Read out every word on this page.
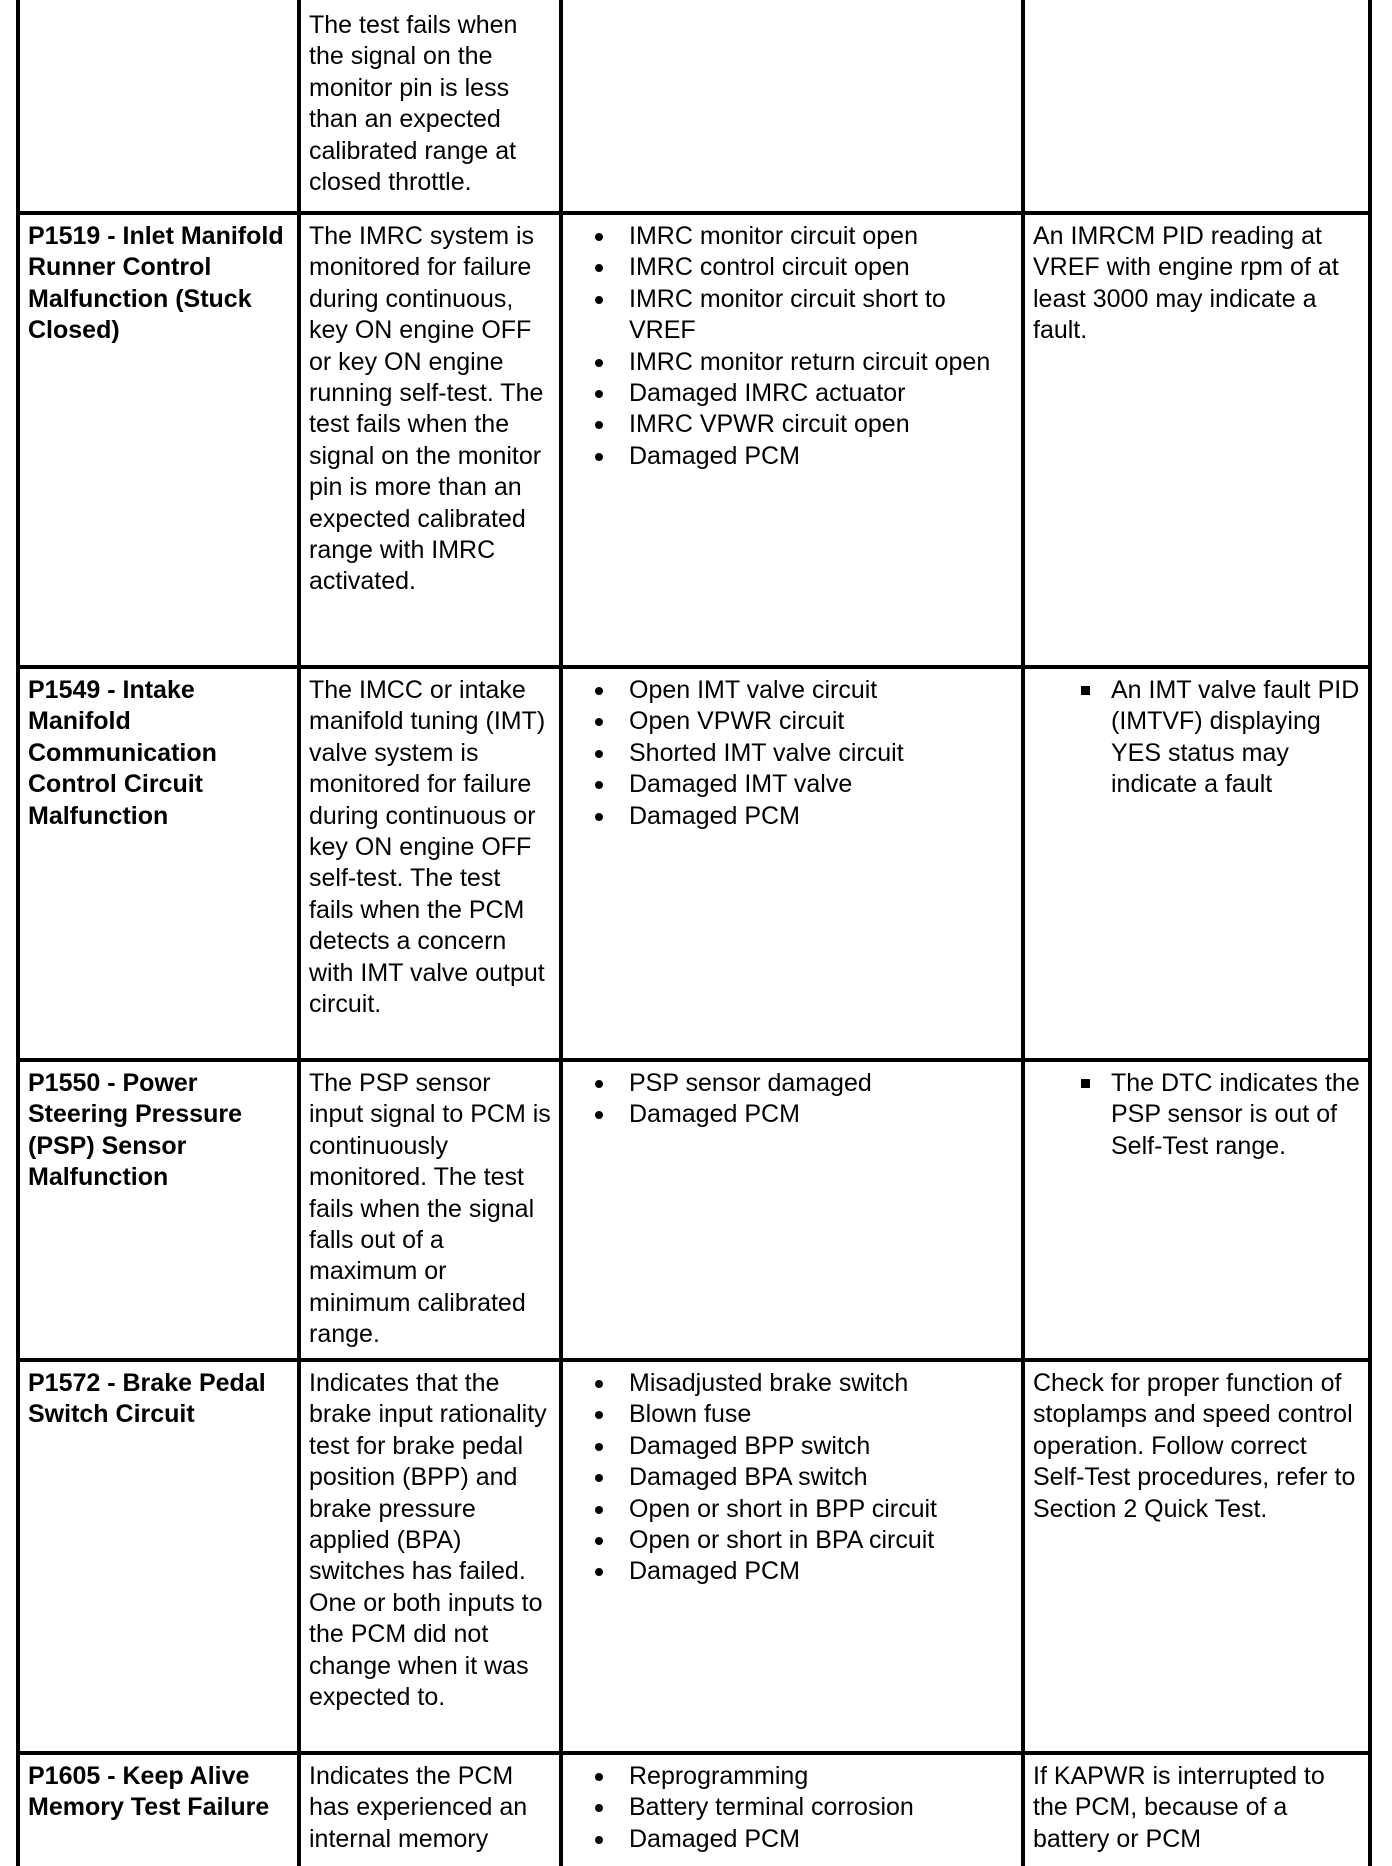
The test fails when the signal on the monitor pin is less than an expected calibrated range at closed throttle.
P1519 - Inlet Manifold Runner Control Malfunction (Stuck Closed)
The IMRC system is monitored for failure during continuous, key ON engine OFF or key ON engine running self-test. The test fails when the signal on the monitor pin is more than an expected calibrated range with IMRC activated.
IMRC monitor circuit open
IMRC control circuit open
IMRC monitor circuit short to VREF
IMRC monitor return circuit open
Damaged IMRC actuator
IMRC VPWR circuit open
Damaged PCM
An IMRCM PID reading at VREF with engine rpm of at least 3000 may indicate a fault.
P1549 - Intake Manifold Communication Control Circuit Malfunction
The IMCC or intake manifold tuning (IMT) valve system is monitored for failure during continuous or key ON engine OFF self-test. The test fails when the PCM detects a concern with IMT valve output circuit.
Open IMT valve circuit
Open VPWR circuit
Shorted IMT valve circuit
Damaged IMT valve
Damaged PCM
An IMT valve fault PID (IMTVF) displaying YES status may indicate a fault
P1550 - Power Steering Pressure (PSP) Sensor Malfunction
The PSP sensor input signal to PCM is continuously monitored. The test fails when the signal falls out of a maximum or minimum calibrated range.
PSP sensor damaged
Damaged PCM
The DTC indicates the PSP sensor is out of Self-Test range.
P1572 - Brake Pedal Switch Circuit
Indicates that the brake input rationality test for brake pedal position (BPP) and brake pressure applied (BPA) switches has failed. One or both inputs to the PCM did not change when it was expected to.
Misadjusted brake switch
Blown fuse
Damaged BPP switch
Damaged BPA switch
Open or short in BPP circuit
Open or short in BPA circuit
Damaged PCM
Check for proper function of stoplamps and speed control operation. Follow correct Self-Test procedures, refer to Section 2 Quick Test.
P1605 - Keep Alive Memory Test Failure
Indicates the PCM has experienced an internal memory
Reprogramming
Battery terminal corrosion
Damaged PCM
If KAPWR is interrupted to the PCM, because of a battery or PCM
